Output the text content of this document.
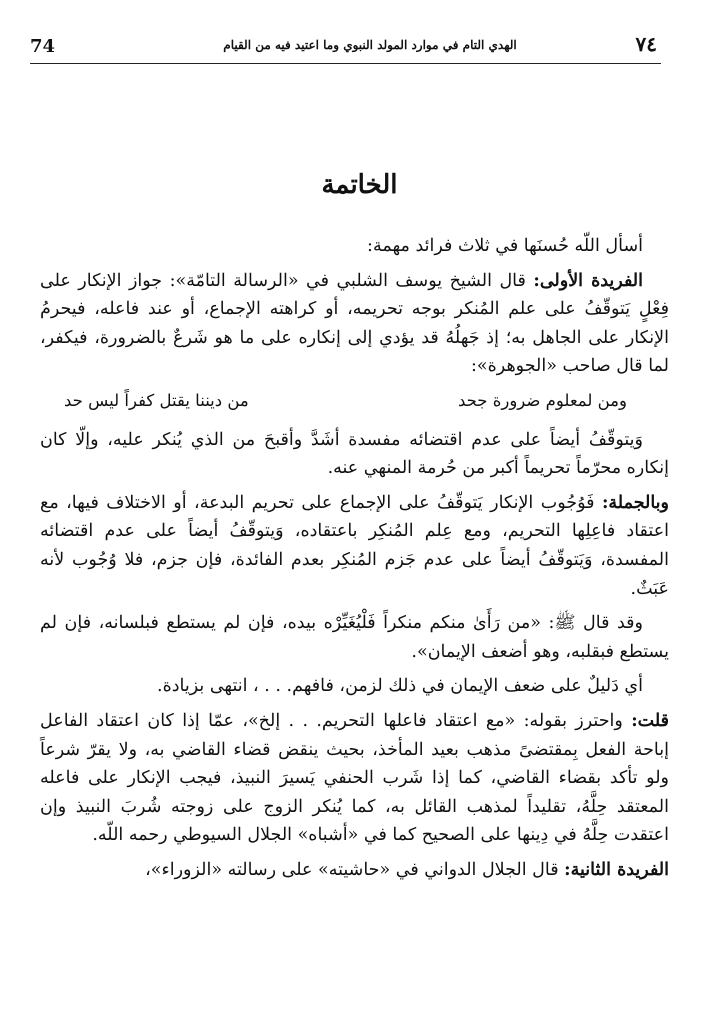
74	الهدي التام في موارد المولد النبوي وما اعتيد فيه من القيام	٧٤
الخاتمة

أسأل اللّه حُسنَها في ثلاث فرائد مهمة:

الفريدة الأولى: قال الشيخ يوسف الشلبي في «الرسالة التامّة»: جواز الإنكار على فِعْلٍ يَتوقّفُ على علم المُنكر بوجه تحريمه، أو كراهته الإجماع، أو عند فاعله، فيحرمُ الإنكار على الجاهل به؛ إذ جَهلُهُ قد يؤدي إلى إنكاره على ما هو شَرعٌ بالضرورة، فيكفر، لما قال صاحب «الجوهرة»:

ومن لمعلوم ضرورة جحد
من ديننا يقتل كفراً ليس حد

وَيتوقّفُ أيضاً على عدم اقتضائه مفسدة أشَدَّ وأقبحَ من الذي يُنكر عليه، وإلّا كان إنكاره محرّماً تحريماً أكبر من حُرمة المنهي عنه.

وبالجملة: فَوُجُوب الإنكار يَتوقّفُ على الإجماع على تحريم البدعة، أو الاختلاف فيها، مع اعتقاد فاعِلِها التحريم، ومع عِلم المُنكِر باعتقاده، وَيتوقّفُ أيضاً على عدم اقتضائه المفسدة، وَيَتوقّفُ أيضاً على عدم جَزم المُنكِر بعدم الفائدة، فإن جزم، فلا وُجُوب لأنه عَبَثٌ.

وقد قال ﷺ: «من رَأَىٰ منكم منكراً فَلْيُغَيِّرْه بيده، فإن لم يستطع فبلسانه، فإن لم يستطع فبقلبه، وهو أضعف الإيمان».

أي دَليلٌ على ضعف الإيمان في ذلك لزمن، فافهم. . . ، انتهى بزيادة.

قلت: واحترز بقوله: «مع اعتقاد فاعلها التحريم. . . إلخ»، عمّا إذا كان اعتقاد الفاعل إباحة الفعل بِمقتضىً مذهب بعيد المأخذ، بحيث ينقض قضاء القاضي به، ولا يقرّ شرعاً ولو تأكد بقضاء القاضي، كما إذا شَرب الحنفي يَسيرَ النبيذ، فيجب الإنكار على فاعله المعتقد حِلَّهُ، تقليداً لمذهب القائل به، كما يُنكر الزوج على زوجته شُربَ النبيذ وإن اعتقدت حِلَّهُ في دِينها على الصحيح كما في «أشباه» الجلال السيوطي رحمه اللّه.

الفريدة الثانية: قال الجلال الدواني في «حاشيته» على رسالته «الزوراء»،
